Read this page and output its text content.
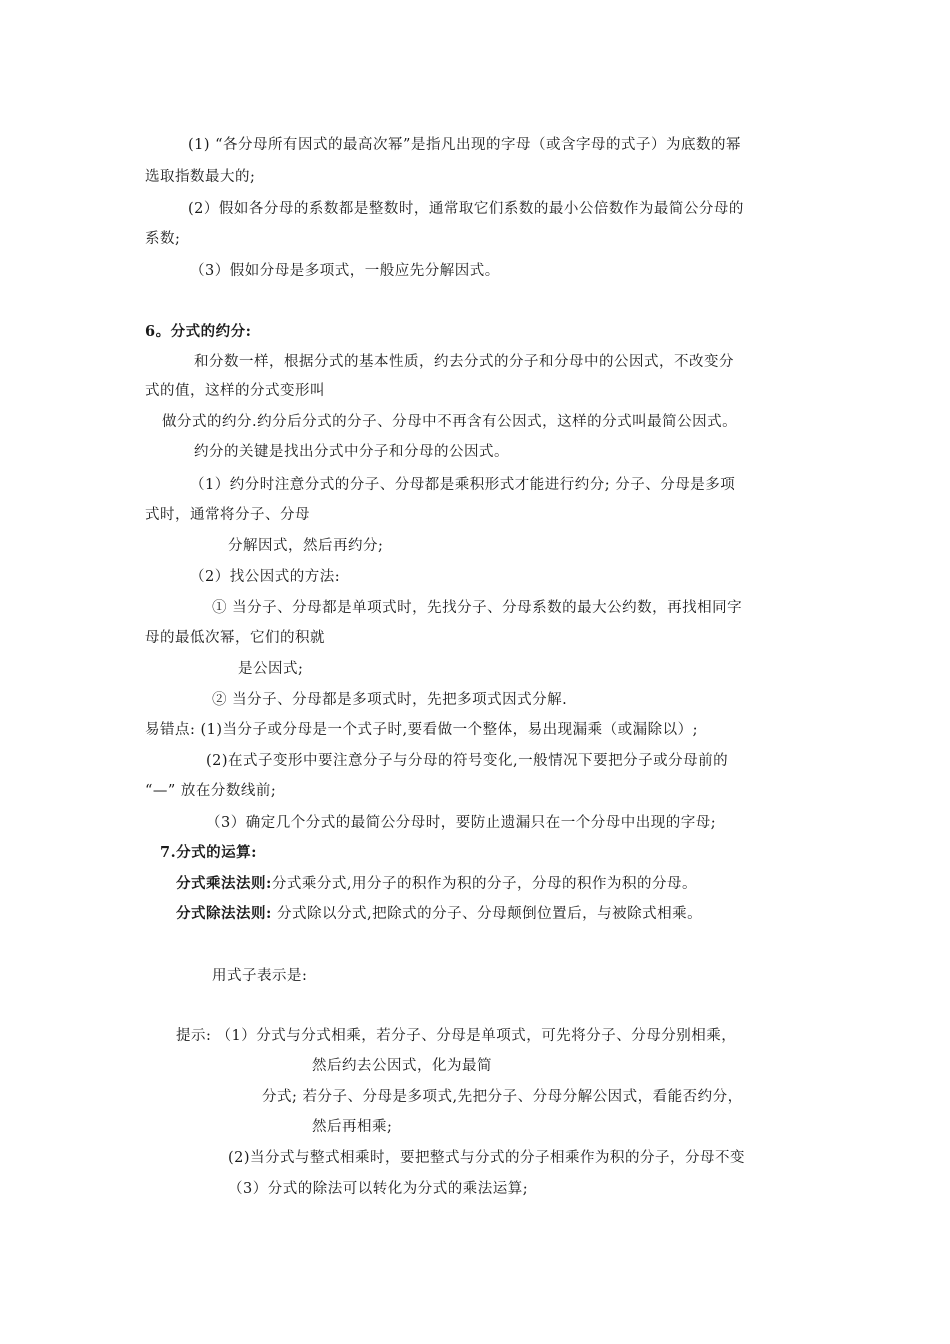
(1) “各分母所有因式的最高次幂”是指凡出现的字母（或含字母的式子）为底数的幂
选取指数最大的;
(2）假如各分母的系数都是整数时，通常取它们系数的最小公倍数作为最简公分母的
系数;
（3）假如分母是多项式，一般应先分解因式。
6。分式的约分:
和分数一样，根据分式的基本性质，约去分式的分子和分母中的公因式，不改变分
式的值，这样的分式变形叫
做分式的约分.约分后分式的分子、分母中不再含有公因式，这样的分式叫最简公因式。
约分的关键是找出分式中分子和分母的公因式。
（1）约分时注意分式的分子、分母都是乘积形式才能进行约分; 分子、分母是多项
式时，通常将分子、分母
分解因式，然后再约分;
（2）找公因式的方法:
① 当分子、分母都是单项式时，先找分子、分母系数的最大公约数，再找相同字
母的最低次幂，它们的积就
是公因式;
② 当分子、分母都是多项式时，先把多项式因式分解.
易错点: (1)当分子或分母是一个式子时,要看做一个整体，易出现漏乘（或漏除以）;
(2)在式子变形中要注意分子与分母的符号变化,一般情况下要把分子或分母前的
“—” 放在分数线前;
（3）确定几个分式的最简公分母时，要防止遗漏只在一个分母中出现的字母;
7.分式的运算:
分式乘法法则:分式乘分式,用分子的积作为积的分子，分母的积作为积的分母。
分式除法法则: 分式除以分式,把除式的分子、分母颠倒位置后，与被除式相乘。
用式子表示是:
提示: （1）分式与分式相乘，若分子、分母是单项式，可先将分子、分母分别相乘，
然后约去公因式，化为最简
分式; 若分子、分母是多项式,先把分子、分母分解公因式，看能否约分，
然后再相乘;
(2)当分式与整式相乘时，要把整式与分式的分子相乘作为积的分子，分母不变
（3）分式的除法可以转化为分式的乘法运算;
